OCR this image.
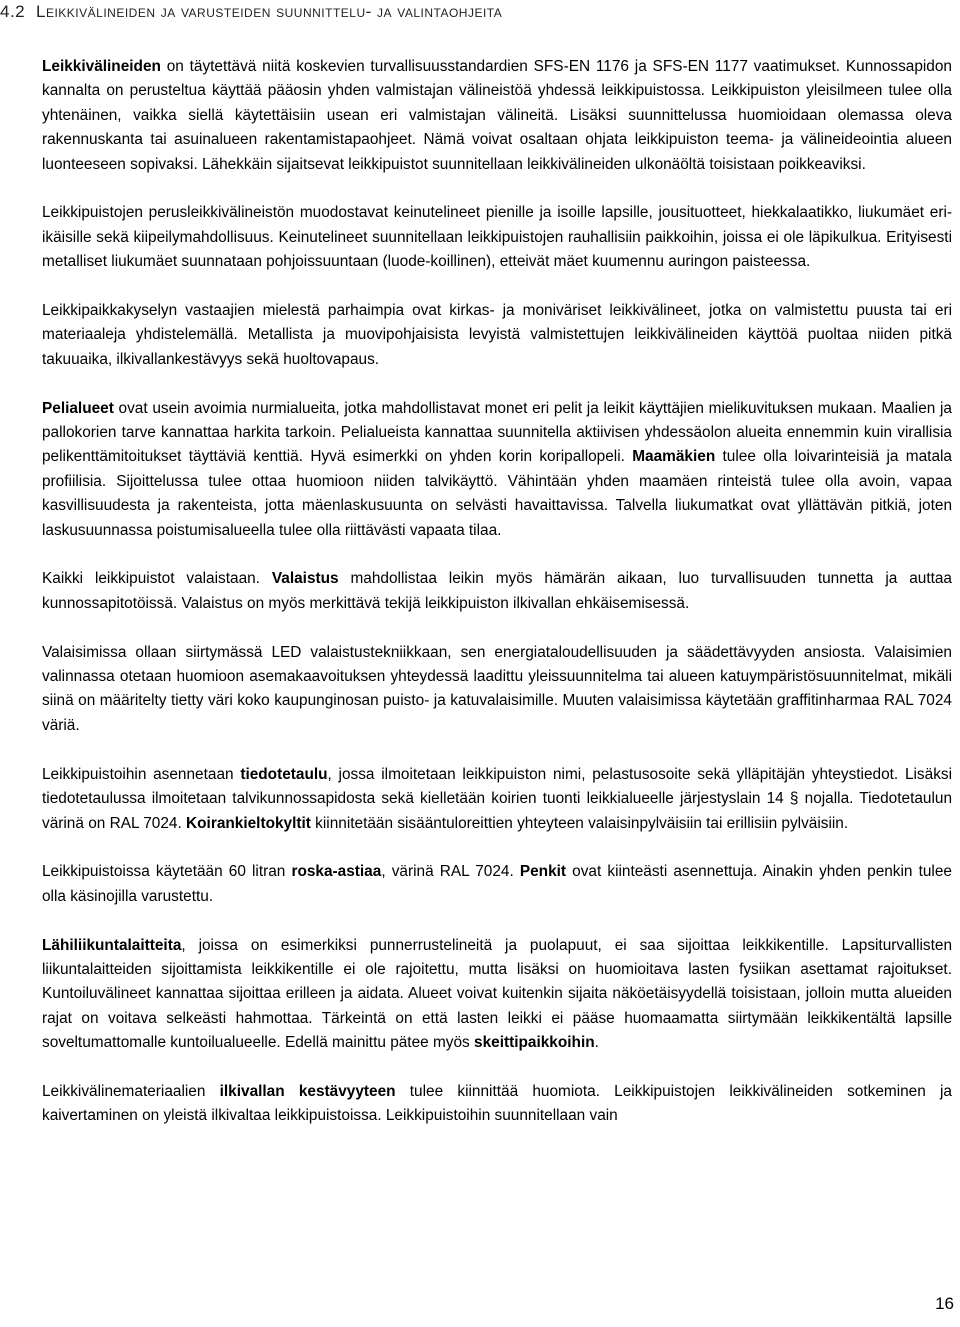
4.2 Leikkivälineiden ja varusteiden suunnittelu- ja valintaohjeita

Leikkivälineiden on täytettävä niitä koskevien turvallisuusstandardien SFS-EN 1176 ja SFS-EN 1177 vaatimukset. Kunnossapidon kannalta on perusteltua käyttää pääosin yhden valmistajan välineistöä yhdessä leikkipuistossa. Leikkipuiston yleisilmeen tulee olla yhtenäinen, vaikka siellä käytettäisiin usean eri valmistajan välineitä. Lisäksi suunnittelussa huomioidaan olemassa oleva rakennuskanta tai asuinalueen rakentamistapaohjeet. Nämä voivat osaltaan ohjata leikkipuiston teema- ja välineideointia alueen luonteeseen sopivaksi. Lähekkäin sijaitsevat leikkipuistot suunnitellaan leikkivälineiden ulkonäöltä toisistaan poikkeaviksi.

Leikkipuistojen perusleikkivälineistön muodostavat keinutelineet pienille ja isoille lapsille, jousituotteet, hiekkalaatikko, liukumäet eri-ikäisille sekä kiipeilymahdollisuus. Keinutelineet suunnitellaan leikkipuistojen rauhallisiin paikkoihin, joissa ei ole läpikulkua. Erityisesti metalliset liukumäet suunnataan pohjoissuuntaan (luode-koillinen), etteivät mäet kuumennu auringon paisteessa.

Leikkipaikkakyselyn vastaajien mielestä parhaimpia ovat kirkas- ja moniväriset leikkivälineet, jotka on valmistettu puusta tai eri materiaaleja yhdistelemällä. Metallista ja muovipohjaisista levyistä valmistettujen leikkivälineiden käyttöä puoltaa niiden pitkä takuuaika, ilkivallankestävyys sekä huoltovapaus.

Pelialueet ovat usein avoimia nurmialueita, jotka mahdollistavat monet eri pelit ja leikit käyttäjien mielikuvituksen mukaan. Maalien ja pallokorien tarve kannattaa harkita tarkoin. Pelialueista kannattaa suunnitella aktiivisen yhdessäolon alueita ennemmin kuin virallisia pelikenttämitoitukset täyttäviä kenttiä. Hyvä esimerkki on yhden korin koripallopeli. Maamäkien tulee olla loivarinteisiä ja matala profiilisia. Sijoittelussa tulee ottaa huomioon niiden talvikäyttö. Vähintään yhden maamäen rinteistä tulee olla avoin, vapaa kasvillisuudesta ja rakenteista, jotta mäenlaskusuunta on selvästi havaittavissa. Talvella liukumatkat ovat yllättävän pitkiä, joten laskusuunnassa poistumisalueella tulee olla riittävästi vapaata tilaa.

Kaikki leikkipuistot valaistaan. Valaistus mahdollistaa leikin myös hämärän aikaan, luo turvallisuuden tunnetta ja auttaa kunnossapitotöissä. Valaistus on myös merkittävä tekijä leikkipuiston ilkivallan ehkäisemisessä.

Valaisimissa ollaan siirtymässä LED valaistustekniikkaan, sen energiataloudellisuuden ja säädettävyyden ansiosta. Valaisimien valinnassa otetaan huomioon asemakaavoituksen yhteydessä laadittu yleissuunnitelma tai alueen katuympäristösuunnitelmat, mikäli siinä on määritelty tietty väri koko kaupunginosan puisto- ja katuvalaisimille. Muuten valaisimissa käytetään graffitinharmaa RAL 7024 väriä.

Leikkipuistoihin asennetaan tiedotetaulu, jossa ilmoitetaan leikkipuiston nimi, pelastusosoite sekä ylläpitäjän yhteystiedot. Lisäksi tiedotetaulussa ilmoitetaan talvikunnossapidosta sekä kielletään koirien tuonti leikkialueelle järjestyslain 14 § nojalla. Tiedotetaulun värinä on RAL 7024. Koirankieltokyltit kiinnitetään sisääntuloreittien yhteyteen valaisinpylväisiin tai erillisiin pylväisiin.

Leikkipuistoissa käytetään 60 litran roska-astiaa, värinä RAL 7024. Penkit ovat kiinteästi asennettuja. Ainakin yhden penkin tulee olla käsinojilla varustettu.

Lähiliikuntalaitteita, joissa on esimerkiksi punnerrustelineitä ja puolapuut, ei saa sijoittaa leikkikentille. Lapsiturvallisten liikuntalaitteiden sijoittamista leikkikentille ei ole rajoitettu, mutta lisäksi on huomioitava lasten fysiikan asettamat rajoitukset. Kuntoiluvälineet kannattaa sijoittaa erilleen ja aidata. Alueet voivat kuitenkin sijaita näköetäisyydellä toisistaan, jolloin mutta alueiden rajat on voitava selkeästi hahmottaa. Tärkeintä on että lasten leikki ei pääse huomaamatta siirtymään leikkikentältä lapsille soveltumattomalle kuntoilualueelle. Edellä mainittu pätee myös skeittipaikkoihin.

Leikkivälinemateriaalien ilkivallan kestävyyteen tulee kiinnittää huomiota. Leikkipuistojen leikkivälineiden sotkeminen ja kaivertaminen on yleistä ilkivaltaa leikkipuistoissa. Leikkipuistoihin suunnitellaan vain

16
